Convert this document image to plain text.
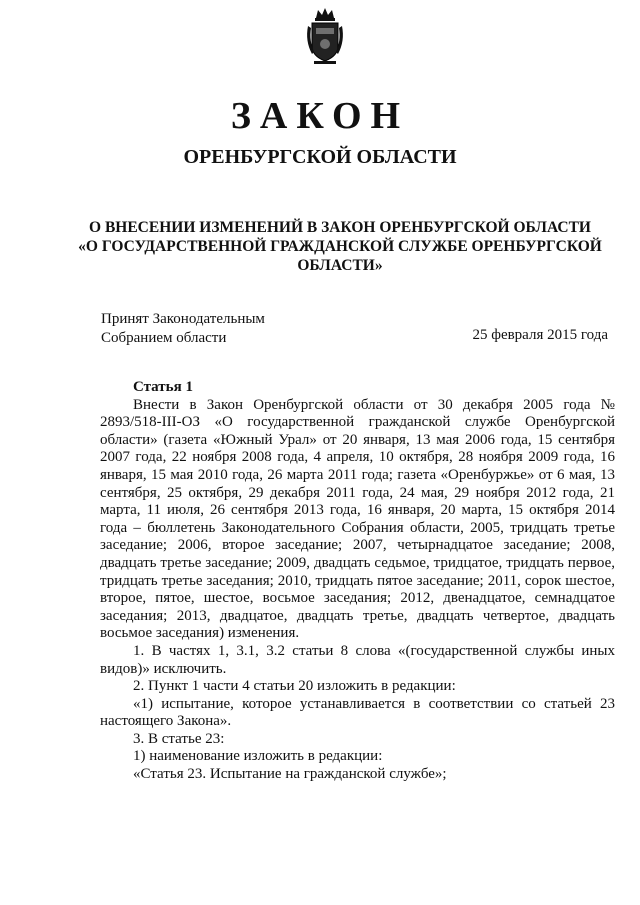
ЗАКОН
ОРЕНБУРГСКОЙ ОБЛАСТИ
О ВНЕСЕНИИ ИЗМЕНЕНИЙ В ЗАКОН ОРЕНБУРГСКОЙ ОБЛАСТИ
«О ГОСУДАРСТВЕННОЙ ГРАЖДАНСКОЙ СЛУЖБЕ ОРЕНБУРГСКОЙ
ОБЛАСТИ»
Принят Законодательным
Собранием области	25 февраля 2015 года
Статья 1

Внести в Закон Оренбургской области от 30 декабря 2005 года № 2893/518-III-ОЗ «О государственной гражданской службе Оренбургской области» (газета «Южный Урал» от 20 января, 13 мая 2006 года, 15 сентября 2007 года, 22 ноября 2008 года, 4 апреля, 10 октября, 28 ноября 2009 года, 16 января, 15 мая 2010 года, 26 марта 2011 года; газета «Оренбуржье» от 6 мая, 13 сентября, 25 октября, 29 декабря 2011 года, 24 мая, 29 ноября 2012 года, 21 марта, 11 июля, 26 сентября 2013 года, 16 января, 20 марта, 15 октября 2014 года – бюллетень Законодательного Собрания области, 2005, тридцать третье заседание; 2006, второе заседание; 2007, четырнадцатое заседание; 2008, двадцать третье заседание; 2009, двадцать седьмое, тридцатое, тридцать первое, тридцать третье заседания; 2010, тридцать пятое заседание; 2011, сорок шестое, второе, пятое, шестое, восьмое заседания; 2012, двенадцатое, семнадцатое заседания; 2013, двадцатое, двадцать третье, двадцать четвертое, двадцать восьмое заседания) изменения.

1. В частях 1, 3.1, 3.2 статьи 8 слова «(государственной службы иных видов)» исключить.

2. Пункт 1 части 4 статьи 20 изложить в редакции:

«1) испытание, которое устанавливается в соответствии со статьей 23 настоящего Закона».

3. В статье 23:

1) наименование изложить в редакции:

«Статья 23. Испытание на гражданской службе»;
